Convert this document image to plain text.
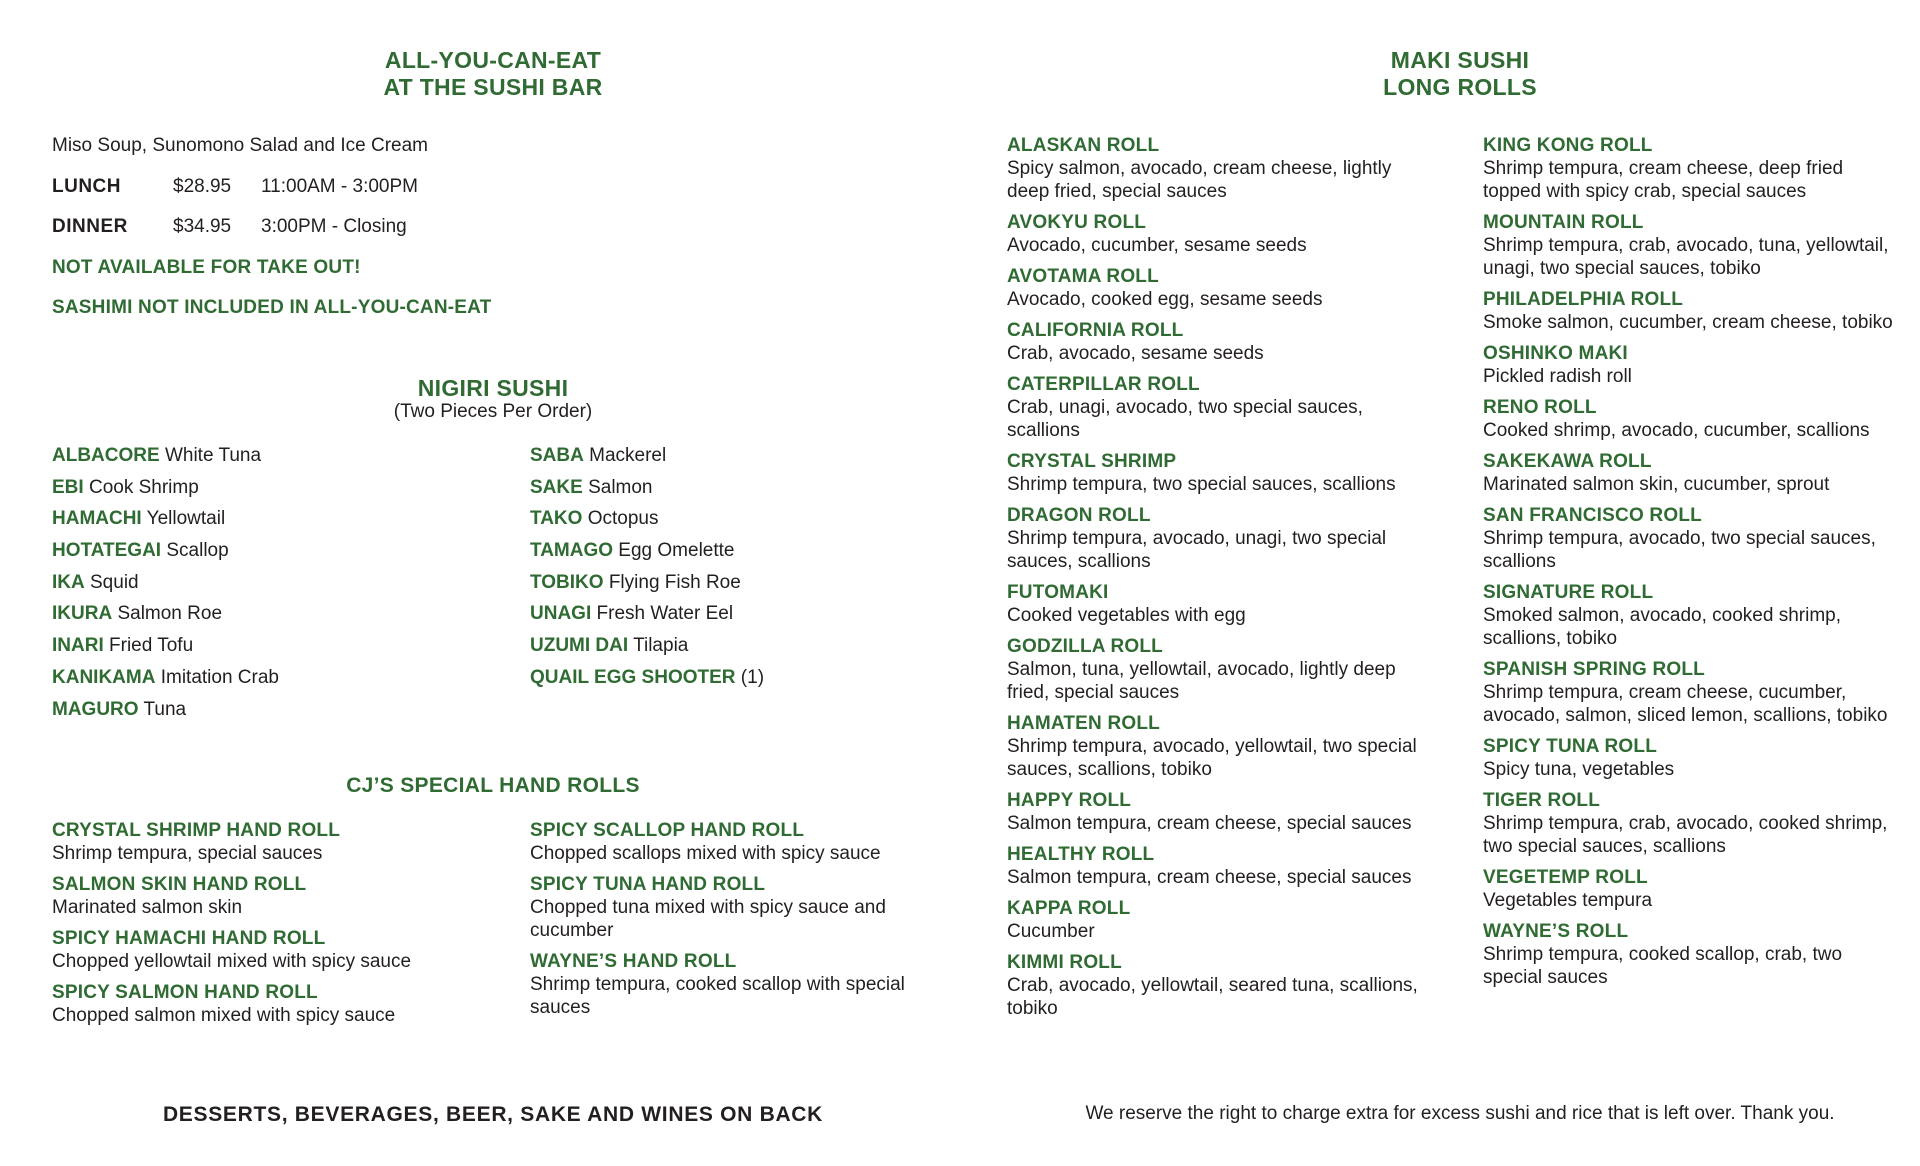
ALL-YOU-CAN-EAT
AT THE SUSHI BAR
Miso Soup, Sunomono Salad and Ice Cream
LUNCH	$28.95 11:00AM - 3:00PM
DINNER $34.95 3:00PM - Closing
NOT AVAILABLE FOR TAKE OUT!
SASHIMI NOT INCLUDED IN ALL-YOU-CAN-EAT
NIGIRI SUSHI
(Two Pieces Per Order)
ALBACORE White Tuna
EBI Cook Shrimp
HAMACHI Yellowtail
HOTATEGAI Scallop
IKA Squid
IKURA Salmon Roe
INARI Fried Tofu
KANIKAMA Imitation Crab
MAGURO Tuna
SABA Mackerel
SAKE Salmon
TAKO Octopus
TAMAGO Egg Omelette
TOBIKO Flying Fish Roe
UNAGI Fresh Water Eel
UZUMI DAI Tilapia
QUAIL EGG SHOOTER (1)
CJ’S SPECIAL HAND ROLLS
CRYSTAL SHRIMP HAND ROLL
Shrimp tempura, special sauces
SALMON SKIN HAND ROLL
Marinated salmon skin
SPICY HAMACHI HAND ROLL
Chopped yellowtail mixed with spicy sauce
SPICY SALMON HAND ROLL
Chopped salmon mixed with spicy sauce
SPICY SCALLOP HAND ROLL
Chopped scallops mixed with spicy sauce
SPICY TUNA HAND ROLL
Chopped tuna mixed with spicy sauce and cucumber
WAYNE’S HAND ROLL
Shrimp tempura, cooked scallop with special sauces
MAKI SUSHI
LONG ROLLS
ALASKAN ROLL
Spicy salmon, avocado, cream cheese, lightly deep fried, special sauces
AVOKYU ROLL
Avocado, cucumber, sesame seeds
AVOTAMA ROLL
Avocado, cooked egg, sesame seeds
CALIFORNIA ROLL
Crab, avocado, sesame seeds
CATERPILLAR ROLL
Crab, unagi, avocado, two special sauces, scallions
CRYSTAL SHRIMP
Shrimp tempura, two special sauces, scallions
DRAGON ROLL
Shrimp tempura, avocado, unagi, two special sauces, scallions
FUTOMAKI
Cooked vegetables with egg
GODZILLA ROLL
Salmon, tuna, yellowtail, avocado, lightly deep fried, special sauces
HAMATEN ROLL
Shrimp tempura, avocado, yellowtail, two special sauces, scallions, tobiko
HAPPY ROLL
Salmon tempura, cream cheese, special sauces
HEALTHY ROLL
Salmon tempura, cream cheese, special sauces
KAPPA ROLL
Cucumber
KIMMI ROLL
Crab, avocado, yellowtail, seared tuna, scallions, tobiko
KING KONG ROLL
Shrimp tempura, cream cheese, deep fried topped with spicy crab, special sauces
MOUNTAIN ROLL
Shrimp tempura, crab, avocado, tuna, yellowtail, unagi, two special sauces, tobiko
PHILADELPHIA ROLL
Smoke salmon, cucumber, cream cheese, tobiko
OSHINKO MAKI
Pickled radish roll
RENO ROLL
Cooked shrimp, avocado, cucumber, scallions
SAKEKAWA ROLL
Marinated salmon skin, cucumber, sprout
SAN FRANCISCO ROLL
Shrimp tempura, avocado, two special sauces, scallions
SIGNATURE ROLL
Smoked salmon, avocado, cooked shrimp, scallions, tobiko
SPANISH SPRING ROLL
Shrimp tempura, cream cheese, cucumber, avocado, salmon, sliced lemon, scallions, tobiko
SPICY TUNA ROLL
Spicy tuna, vegetables
TIGER ROLL
Shrimp tempura, crab, avocado, cooked shrimp, two special sauces, scallions
VEGETEMP ROLL
Vegetables tempura
WAYNE’S ROLL
Shrimp tempura, cooked scallop, crab, two special sauces
DESSERTS, BEVERAGES, BEER, SAKE AND WINES ON BACK	We reserve the right to charge extra for excess sushi and rice that is left over. Thank you.
